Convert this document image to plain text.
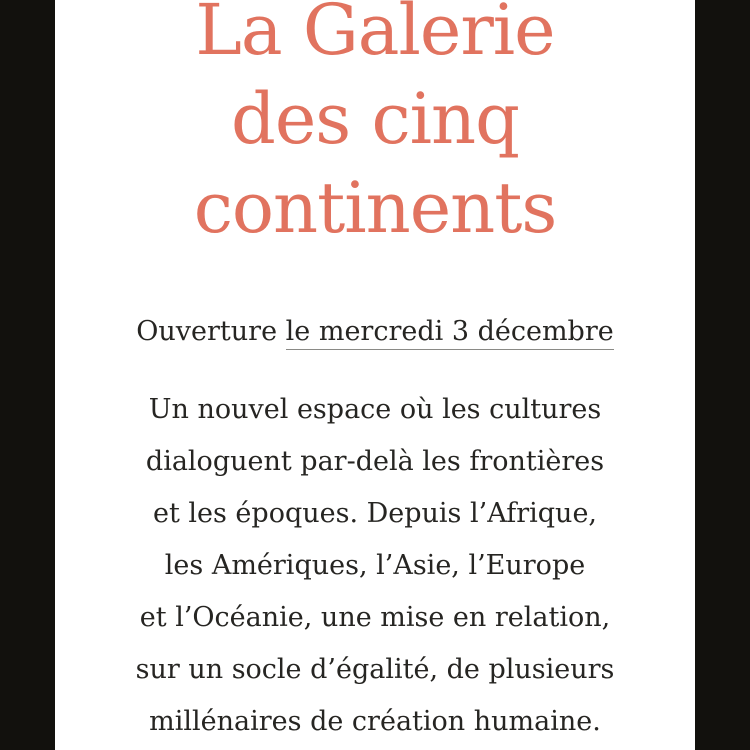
La Galerie
des cinq
continents

Ouverture le mercredi 3 décembre

Un nouvel espace où les cultures
dialoguent par-delà les frontières
et les époques. Depuis l’Afrique,
les Amériques, l’Asie, l’Europe
et l’Océanie, une mise en relation,
sur un socle d’égalité, de plusieurs
millénaires de création humaine.
